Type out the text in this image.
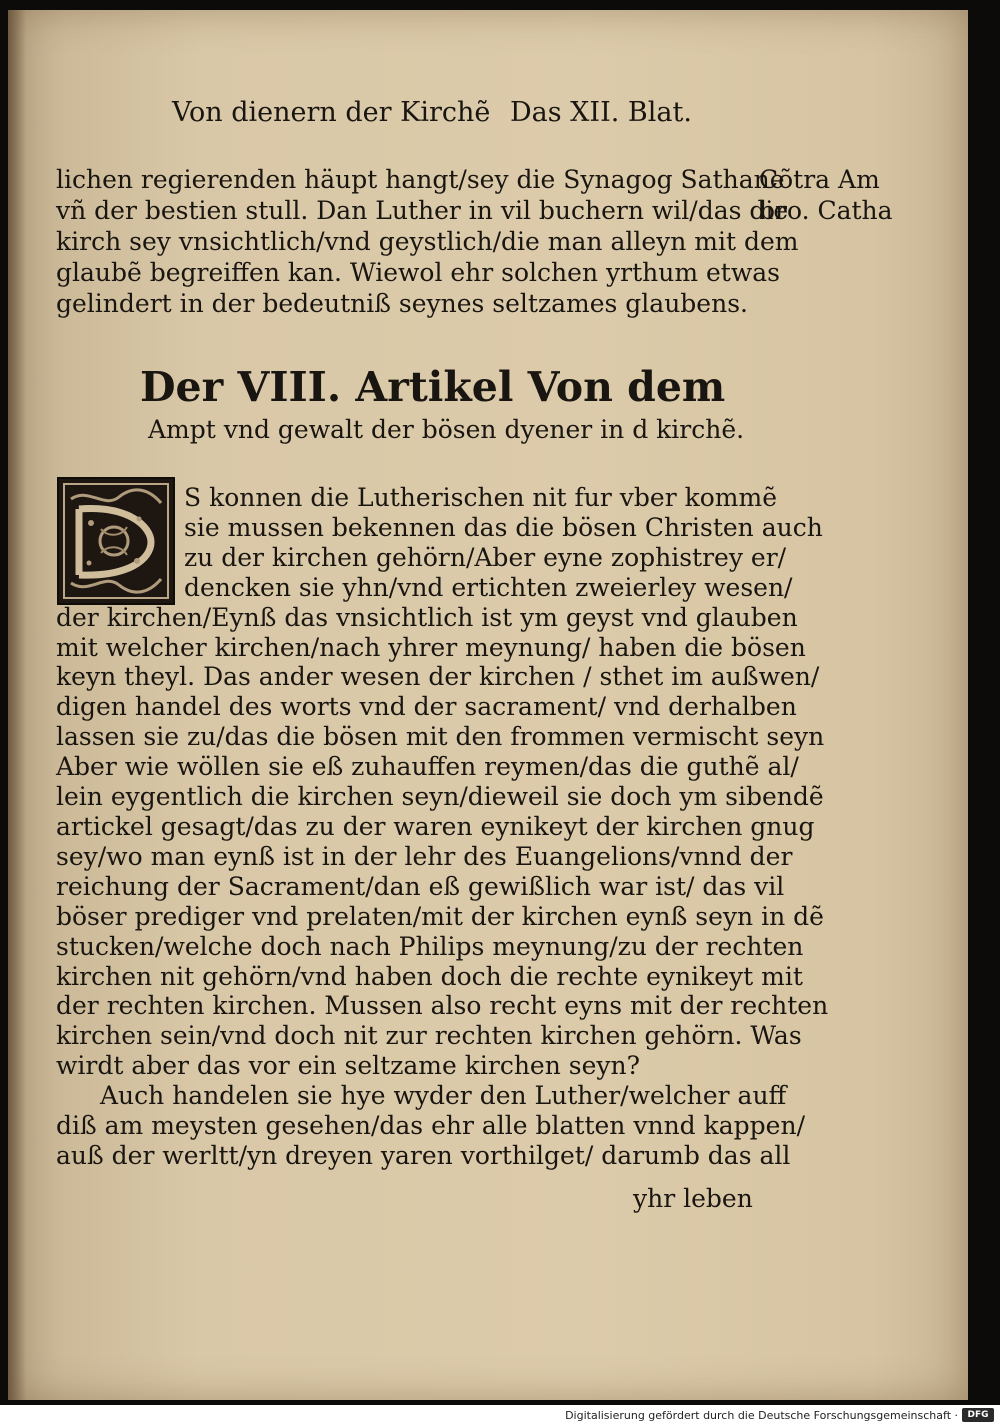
Von dienern der Kirchẽ Das XII. Blat.
lichen regierenden häupt hangt/sey die Synagog Sathane
vñ der bestien stull. Dan Luther in vil buchern wil/das die
kirch sey vnsichtlich/vnd geystlich/die man alleyn mit dem
glaubẽ begreiffen kan. Wiewol ehr solchen yrthum etwas
gelindert in der bedeutniß seynes seltzames glaubens.
Cõtra Am
bro. Catha
Der VIII. Artikel Von dem
Ampt vnd gewalt der bösen dyener in d kirchẽ.
S konnen die Lutherischen nit fur vber kommẽ
sie mussen bekennen das die bösen Christen auch
zu der kirchen gehörn/Aber eyne zophistrey er/
dencken sie yhn/vnd ertichten zweierley wesen/
der kirchen/Eynß das vnsichtlich ist ym geyst vnd glauben
mit welcher kirchen/nach yhrer meynung/ haben die bösen
keyn theyl. Das ander wesen der kirchen / sthet im außwen/
digen handel des worts vnd der sacrament/ vnd derhalben
lassen sie zu/das die bösen mit den frommen vermischt seyn
Aber wie wöllen sie eß zuhauffen reymen/das die guthẽ al/
lein eygentlich die kirchen seyn/dieweil sie doch ym sibendẽ
artickel gesagt/das zu der waren eynikeyt der kirchen gnug
sey/wo man eynß ist in der lehr des Euangelions/vnnd der
reichung der Sacrament/dan eß gewißlich war ist/ das vil
böser prediger vnd prelaten/mit der kirchen eynß seyn in dẽ
stucken/welche doch nach Philips meynung/zu der rechten
kirchen nit gehörn/vnd haben doch die rechte eynikeyt mit
der rechten kirchen. Mussen also recht eyns mit der rechten
kirchen sein/vnd doch nit zur rechten kirchen gehörn. Was
wirdt aber das vor ein seltzame kirchen seyn?
Auch handelen sie hye wyder den Luther/welcher auff
diß am meysten gesehen/das ehr alle blatten vnnd kappen/
auß der werltt/yn dreyen yaren vorthilget/ darumb das all
yhr leben
Digitalisierung gefördert durch die Deutsche Forschungsgemeinschaft ·	DFG
